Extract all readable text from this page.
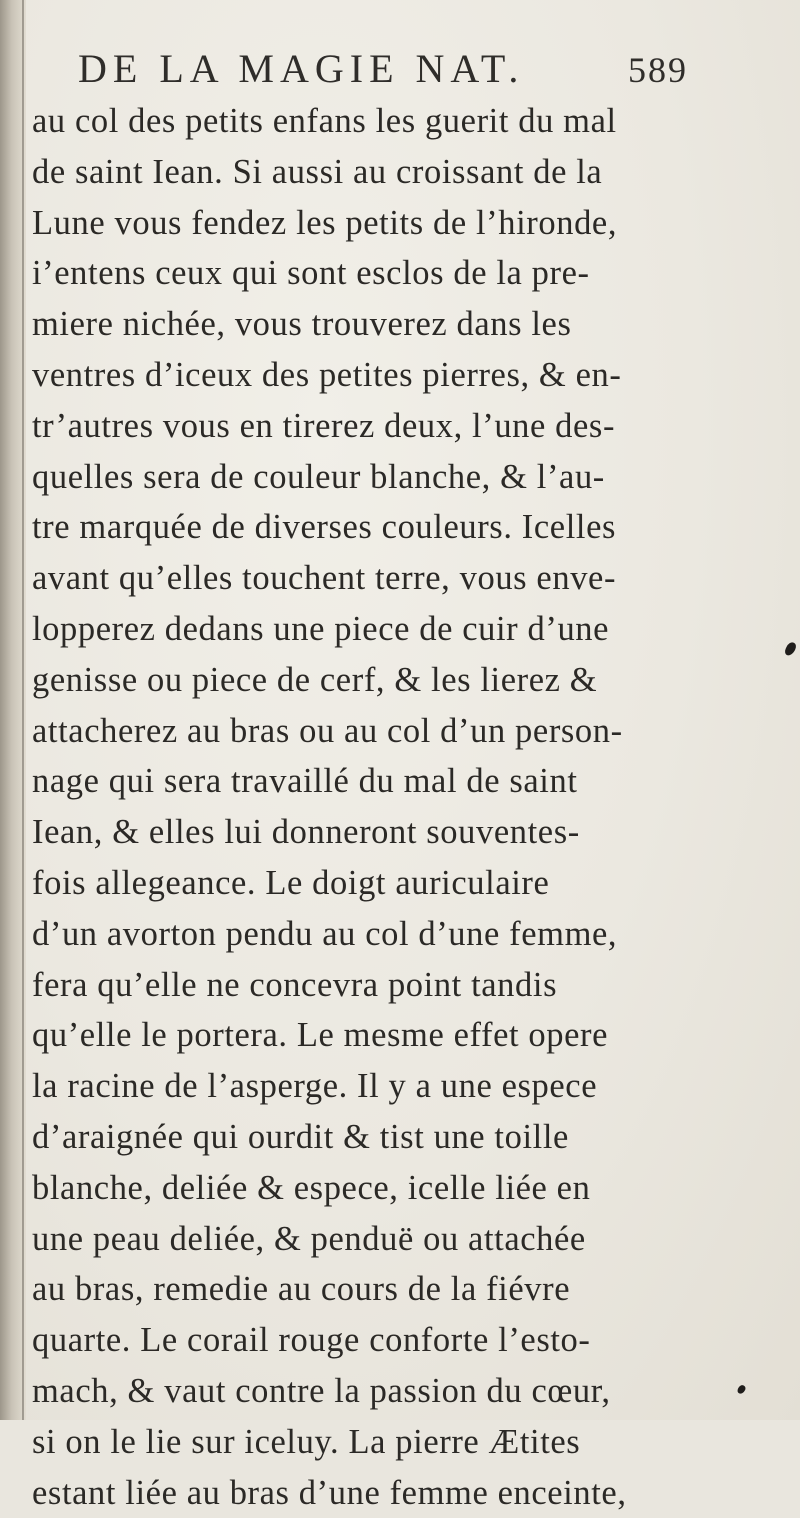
DE LA MAGIE NAT.	589
au col des petits enfans les guerit du mal
de saint Iean. Si aussi au croissant de la
Lune vous fendez les petits de l’hironde,
i’entens ceux qui sont esclos de la pre-
miere nichée, vous trouverez dans les
ventres d’iceux des petites pierres, & en-
tr’autres vous en tirerez deux, l’une des-
quelles sera de couleur blanche, & l’au-
tre marquée de diverses couleurs. Icelles
avant qu’elles touchent terre, vous enve-
lopperez dedans une piece de cuir d’une
genisse ou piece de cerf, & les lierez &
attacherez au bras ou au col d’un person-
nage qui sera travaillé du mal de saint
Iean, & elles lui donneront souventes-
fois allegeance. Le doigt auriculaire
d’un avorton pendu au col d’une femme,
fera qu’elle ne concevra point tandis
qu’elle le portera. Le mesme effet opere
la racine de l’asperge. Il y a une espece
d’araignée qui ourdit & tist une toille
blanche, deliée & espece, icelle liée en
une peau deliée, & penduë ou attachée
au bras, remedie au cours de la fiévre
quarte. Le corail rouge conforte l’esto-
mach, & vaut contre la passion du cœur,
si on le lie sur iceluy. La pierre Ætites
estant liée au bras d’une femme enceinte,
